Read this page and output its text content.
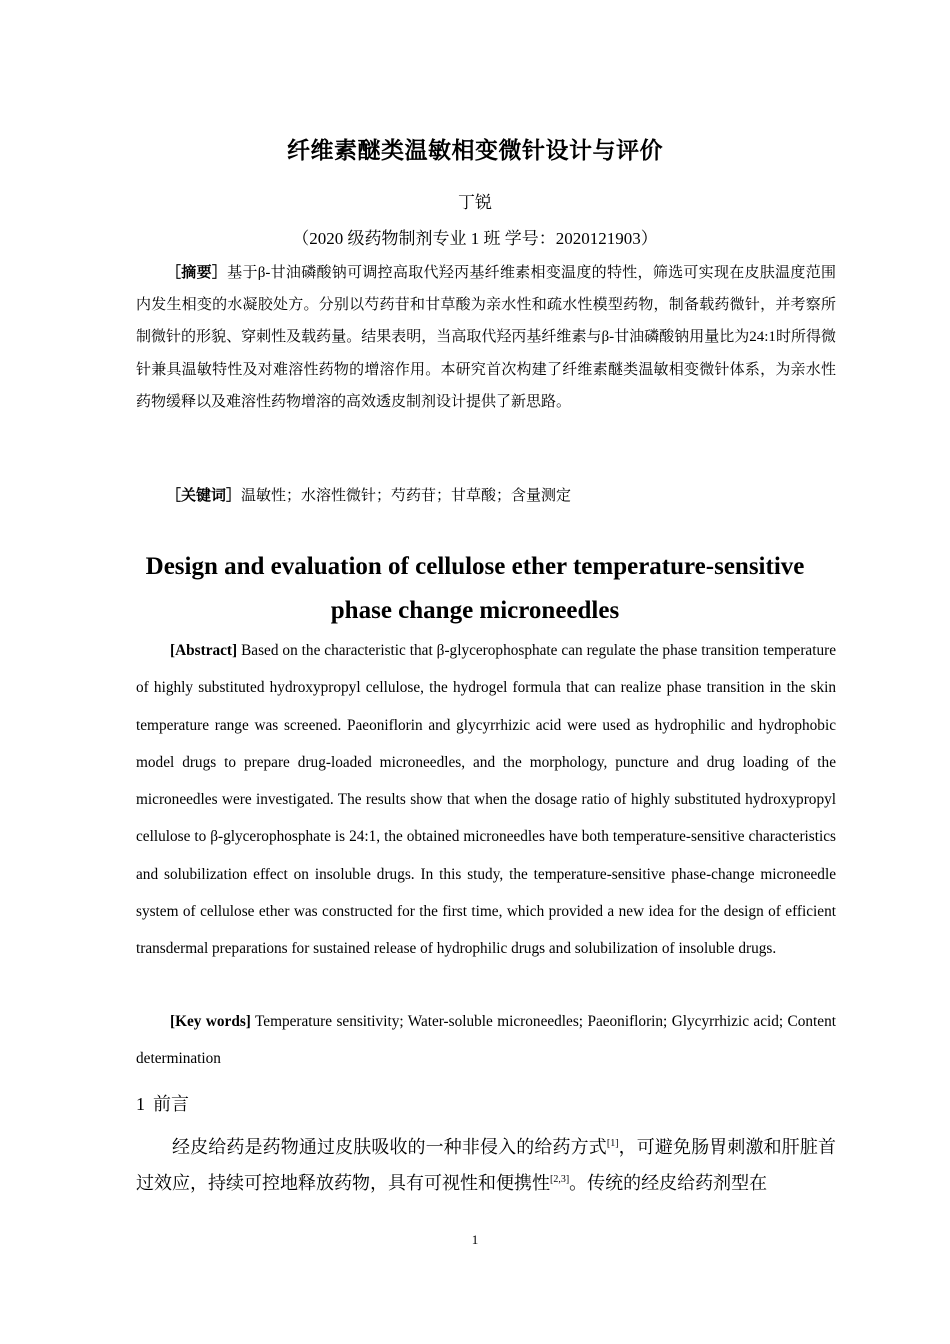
纤维素醚类温敏相变微针设计与评价
丁锐
（2020 级药物制剂专业 1 班 学号：2020121903）

［摘要］基于β-甘油磷酸钠可调控高取代羟丙基纤维素相变温度的特性，筛选可实现在皮肤温度范围内发生相变的水凝胶处方。分别以芍药苷和甘草酸为亲水性和疏水性模型药物，制备载药微针，并考察所制微针的形貌、穿刺性及载药量。结果表明，当高取代羟丙基纤维素与β-甘油磷酸钠用量比为24:1时所得微针兼具温敏特性及对难溶性药物的增溶作用。本研究首次构建了纤维素醚类温敏相变微针体系，为亲水性药物缓释以及难溶性药物增溶的高效透皮制剂设计提供了新思路。

［关键词］温敏性；水溶性微针；芍药苷；甘草酸；含量测定

Design and evaluation of cellulose ether temperature-sensitive phase change microneedles

[Abstract] Based on the characteristic that β-glycerophosphate can regulate the phase transition temperature of highly substituted hydroxypropyl cellulose, the hydrogel formula that can realize phase transition in the skin temperature range was screened. Paeoniflorin and glycyrrhizic acid were used as hydrophilic and hydrophobic model drugs to prepare drug-loaded microneedles, and the morphology, puncture and drug loading of the microneedles were investigated. The results show that when the dosage ratio of highly substituted hydroxypropyl cellulose to β-glycerophosphate is 24:1, the obtained microneedles have both temperature-sensitive characteristics and solubilization effect on insoluble drugs. In this study, the temperature-sensitive phase-change microneedle system of cellulose ether was constructed for the first time, which provided a new idea for the design of efficient transdermal preparations for sustained release of hydrophilic drugs and solubilization of insoluble drugs.

[Key words] Temperature sensitivity; Water-soluble microneedles; Paeoniflorin; Glycyrrhizic acid; Content determination

1 前言

经皮给药是药物通过皮肤吸收的一种非侵入的给药方式[1]，可避免肠胃刺激和肝脏首过效应，持续可控地释放药物，具有可视性和便携性[2,3]。传统的经皮给药剂型在

1
